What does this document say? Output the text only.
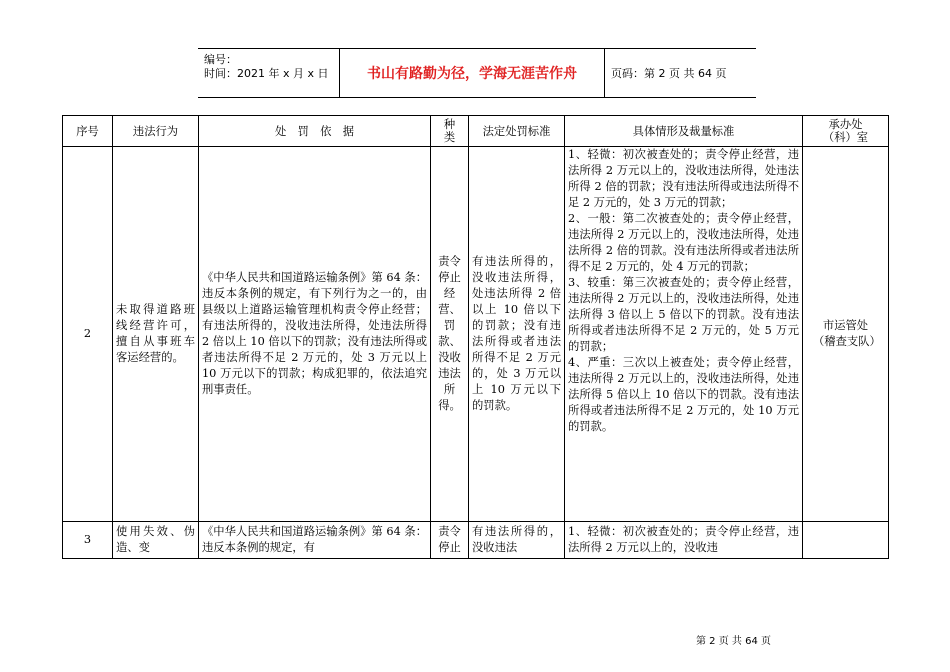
编号：
时间：2021 年 x 月 x 日	书山有路勤为径，学海无涯苦作舟	页码：第 2 页 共 64 页
序号	违法行为	处　罚　依　据	种类	法定处罚标准	具体情形及裁量标准	承办处（科）室
2	未取得道路班线经营许可，擅自从事班车客运经营的。	《中华人民共和国道路运输条例》第 64 条：违反本条例的规定，有下列行为之一的，由县级以上道路运输管理机构责令停止经营；有违法所得的，没收违法所得，处违法所得 2 倍以上 10 倍以下的罚款；没有违法所得或者违法所得不足 2 万元的，处 3 万元以上 10 万元以下的罚款；构成犯罪的，依法追究刑事责任。	责令停止经营、罚款、没收违法所得。	有违法所得的，没收违法所得，处违法所得 2 倍以上 10 倍以下的罚款；没有违法所得或者违法所得不足 2 万元的，处 3 万元以上 10 万元以下的罚款。	1、轻微：初次被查处的；责令停止经营，违法所得 2 万元以上的，没收违法所得，处违法所得 2 倍的罚款；没有违法所得或违法所得不足 2 万元的，处 3 万元的罚款；

2、一般：第二次被查处的；责令停止经营，违法所得 2 万元以上的，没收违法所得，处违法所得 2 倍的罚款。没有违法所得或者违法所得不足 2 万元的，处 4 万元的罚款；

3、较重：第三次被查处的；责令停止经营，违法所得 2 万元以上的，没收违法所得，处违法所得 3 倍以上 5 倍以下的罚款。没有违法所得或者违法所得不足 2 万元的，处 5 万元的罚款；

4、严重：三次以上被查处；责令停止经营，违法所得 2 万元以上的，没收违法所得，处违法所得 5 倍以上 10 倍以下的罚款。没有违法所得或者违法所得不足 2 万元的，处 10 万元的罚款。	市运管处（稽查支队）
3	使用失效、伪造、变	《中华人民共和国道路运输条例》第 64 条：违反本条例的规定，有	责令停止	有违法所得的，没收违法	1、轻微：初次被查处的；责令停止经营，违法所得 2 万元以上的，没收违	

第 2 页 共 64 页
